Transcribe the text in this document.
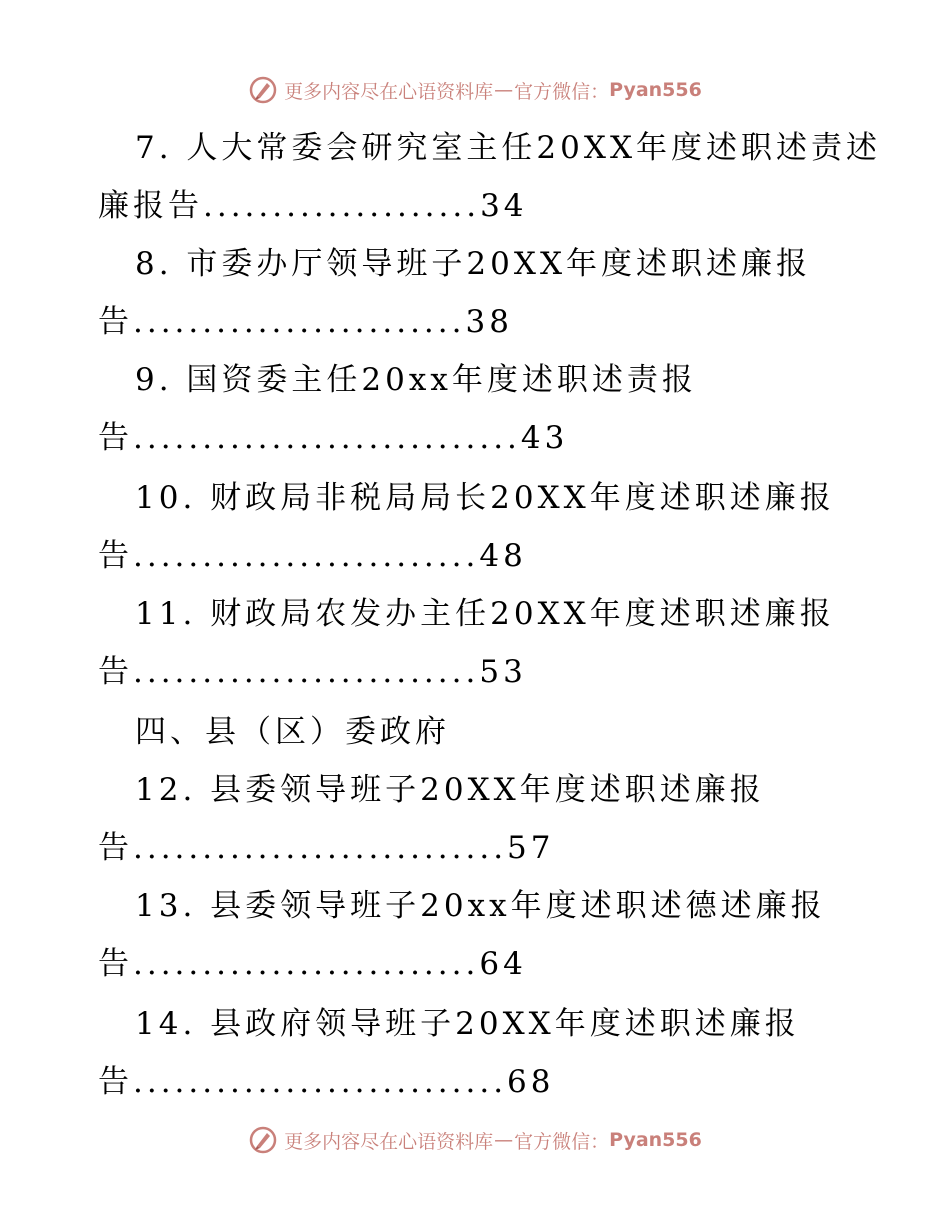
更多内容尽在心语资料库 — 官方微信： Pyan556
7. 人大常委会研究室主任20XX年度述职述责述
廉报告....................34
8. 市委办厅领导班子20XX年度述职述廉报
告........................38
9. 国资委主任20xx年度述职述责报
告............................43
10. 财政局非税局局长20XX年度述职述廉报
告.........................48
11. 财政局农发办主任20XX年度述职述廉报
告.........................53
四、县（区）委政府
12. 县委领导班子20XX年度述职述廉报
告...........................57
13. 县委领导班子20xx年度述职述德述廉报
告.........................64
14. 县政府领导班子20XX年度述职述廉报
告...........................68
更多内容尽在心语资料库 — 官方微信： Pyan556
